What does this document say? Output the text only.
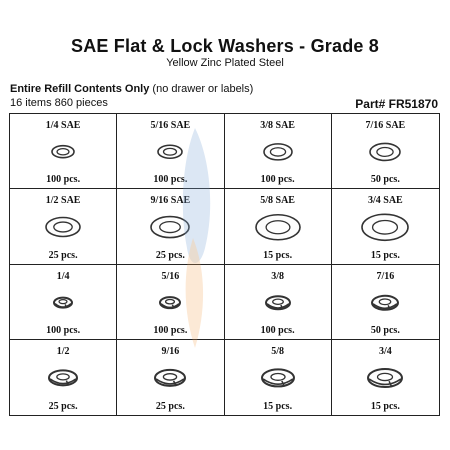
SAE Flat & Lock Washers - Grade 8
Yellow Zinc Plated Steel
Entire Refill Contents Only (no drawer or labels)
16 items 860 pieces	Part# FR51870
1/4 SAE
100 pcs.
5/16 SAE
100 pcs.
3/8 SAE
100 pcs.
7/16 SAE
50 pcs.
1/2 SAE
25 pcs.
9/16 SAE
25 pcs.
5/8 SAE
15 pcs.
3/4 SAE
15 pcs.
1/4
100 pcs.
5/16
100 pcs.
3/8
100 pcs.
7/16
50 pcs.
1/2
25 pcs.
9/16
25 pcs.
5/8
15 pcs.
3/4
15 pcs.
